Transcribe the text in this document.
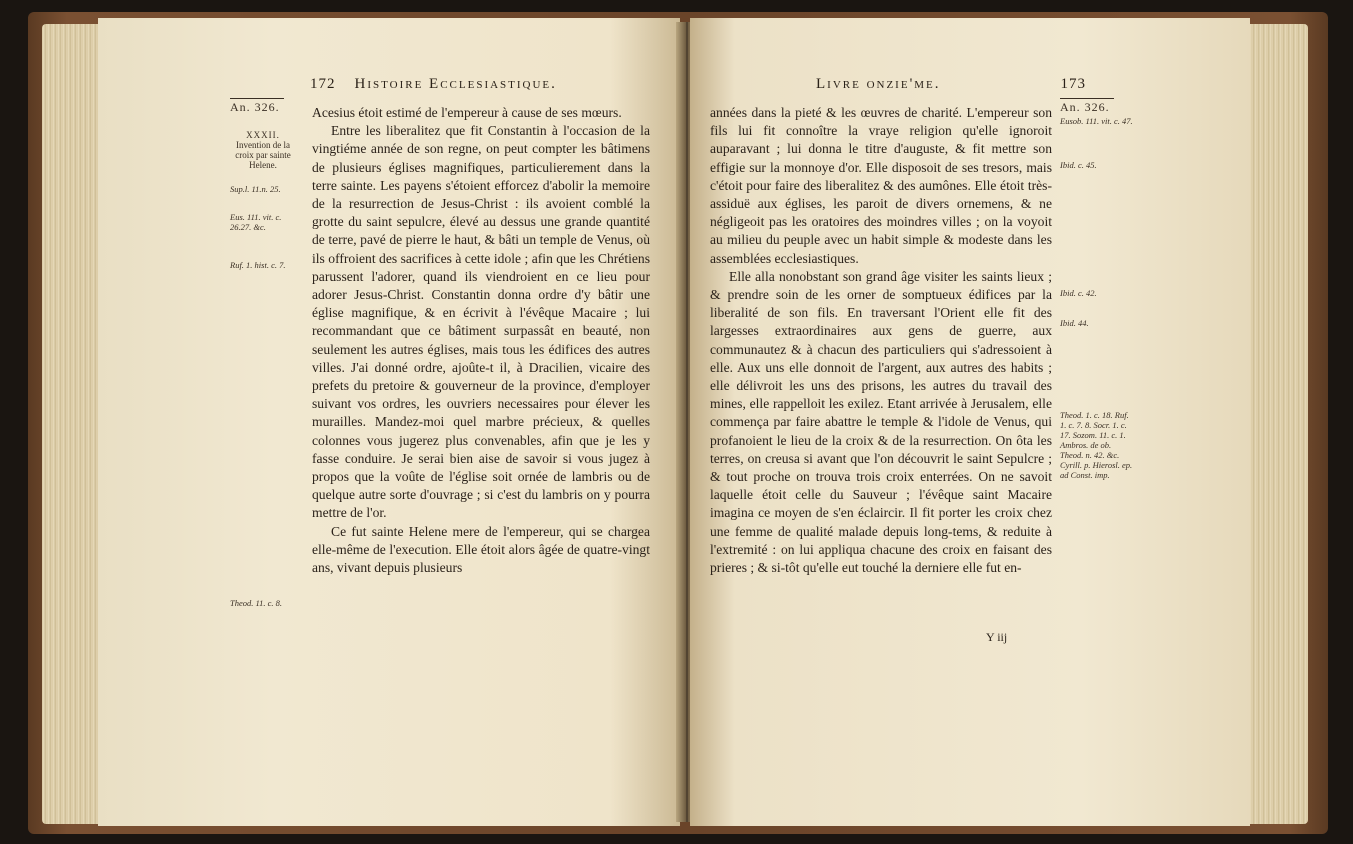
172 Histoire Ecclesiastique.
An. 326.
XXXII.
Invention de la croix par sainte Helene.
Sup.l. 11.n. 25.
Eus. 111. vit. c. 26.27. &c.
Ruf. 1. hist. c. 7.
Theod. 11. c. 8.

Acesius étoit estimé de l'empereur à cause de ses mœurs.

Entre les liberalitez que fit Constantin à l'occasion de la vingtiéme année de son regne, on peut compter les bâtimens de plusieurs églises magnifiques, particulierement dans la terre sainte. Les payens s'étoient efforcez d'abolir la memoire de la resurrection de Jesus-Christ : ils avoient comblé la grotte du saint sepulcre, élevé au dessus une grande quantité de terre, pavé de pierre le haut, & bâti un temple de Venus, où ils offroient des sacrifices à cette idole ; afin que les Chrétiens parussent l'adorer, quand ils viendroient en ce lieu pour adorer Jesus-Christ. Constantin donna ordre d'y bâtir une église magnifique, & en écrivit à l'évêque Macaire ; lui recommandant que ce bâtiment surpassât en beauté, non seulement les autres églises, mais tous les édifices des autres villes. J'ai donné ordre, ajoûte-t il, à Dracilien, vicaire des prefets du pretoire & gouverneur de la province, d'employer suivant vos ordres, les ouvriers necessaires pour élever les murailles. Mandez-moi quel marbre précieux, & quelles colonnes vous jugerez plus convenables, afin que je les y fasse conduire. Je serai bien aise de savoir si vous jugez à propos que la voûte de l'église soit ornée de lambris ou de quelque autre sorte d'ouvrage ; si c'est du lambris on y pourra mettre de l'or.

Ce fut sainte Helene mere de l'empereur, qui se chargea elle-même de l'execution. Elle étoit alors âgée de quatre-vingt ans, vivant depuis plusieurs

Livre onzie'me.	173

années dans la pieté & les œuvres de charité. L'empereur son fils lui fit connoître la vraye religion qu'elle ignoroit auparavant ; lui donna le titre d'auguste, & fit mettre son effigie sur la monnoye d'or. Elle disposoit de ses tresors, mais c'étoit pour faire des liberalitez & des aumônes. Elle étoit très-assiduë aux églises, les paroit de divers ornemens, & ne négligeoit pas les oratoires des moindres villes ; on la voyoit au milieu du peuple avec un habit simple & modeste dans les assemblées ecclesiastiques.

Elle alla nonobstant son grand âge visiter les saints lieux ; & prendre soin de les orner de somptueux édifices par la liberalité de son fils. En traversant l'Orient elle fit des largesses extraordinaires aux gens de guerre, aux communautez & à chacun des particuliers qui s'adressoient à elle. Aux uns elle donnoit de l'argent, aux autres des habits ; elle délivroit les uns des prisons, les autres du travail des mines, elle rappelloit les exilez. Etant arrivée à Jerusalem, elle commença par faire abattre le temple & l'idole de Venus, qui profanoient le lieu de la croix & de la resurrection. On ôta les terres, on creusa si avant que l'on découvrit le saint Sepulcre ; & tout proche on trouva trois croix enterrées. On ne savoit laquelle étoit celle du Sauveur ; l'évêque saint Macaire imagina ce moyen de s'en éclaircir. Il fit porter les croix chez une femme de qualité malade depuis long-tems, & reduite à l'extremité : on lui appliqua chacune des croix en faisant des prieres ; & si-tôt qu'elle eut touché la derniere elle fut en-

An. 326.
Eusob. 111. vit. c. 47.
Ibid. c. 45.
Ibid. c. 42.
Ibid. 44.
Theod. 1. c. 18. Ruf. 1. c. 7. 8. Socr. 1. c. 17. Sozom. 11. c. 1. Ambros. de ob. Theod. n. 42. &c. Cyrill. p. Hierosl. ep. ad Const. imp.
Y iij
